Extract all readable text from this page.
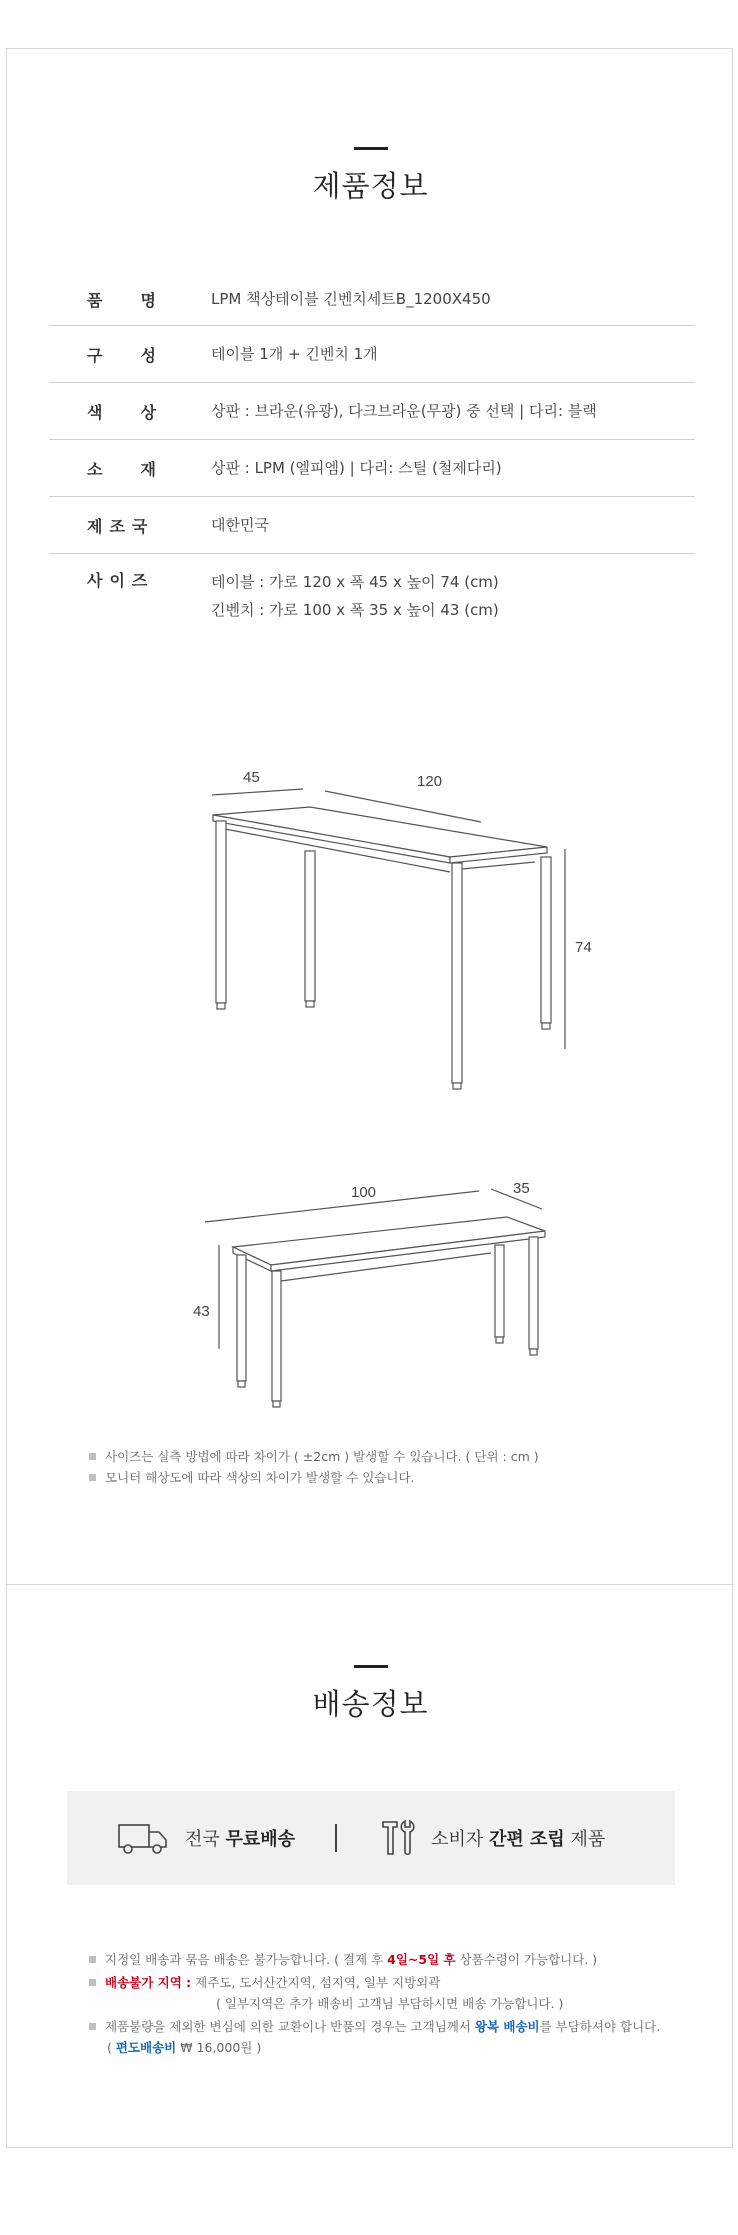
제품정보
품　　명	LPM 책상테이블 긴벤치세트B_1200X450
구　　성	테이블 1개 + 긴벤치 1개
색　　상	상판 : 브라운(유광), 다크브라운(무광) 중 선택 | 다리: 블랙
소　　재	상판 : LPM (엘피엠) | 다리: 스틸 (철제다리)
제조국	대한민국
사이즈	테이블 : 가로 120 x 폭 45 x 높이 74 (cm)
긴벤치 : 가로 100 x 폭 35 x 높이 43 (cm)
45	120
74
100	35
43
사이즈는 실측 방법에 따라 차이가 ( ±2cm ) 발생할 수 있습니다. ( 단위 : cm )
모니터 해상도에 따라 색상의 차이가 발생할 수 있습니다.
배송정보
전국 무료배송	소비자 간편 조립 제품
지정일 배송과 묶음 배송은 불가능합니다. ( 결제 후 4일~5일 후 상품수령이 가능합니다. )
배송불가 지역 : 제주도, 도서산간지역, 섬지역, 일부 지방외곽
( 일부지역은 추가 배송비 고객님 부담하시면 배송 가능합니다. )
제품불량을 제외한 변심에 의한 교환이나 반품의 경우는 고객님께서 왕복 배송비를 부담하셔야 합니다.
( 편도배송비 ₩ 16,000원 )
